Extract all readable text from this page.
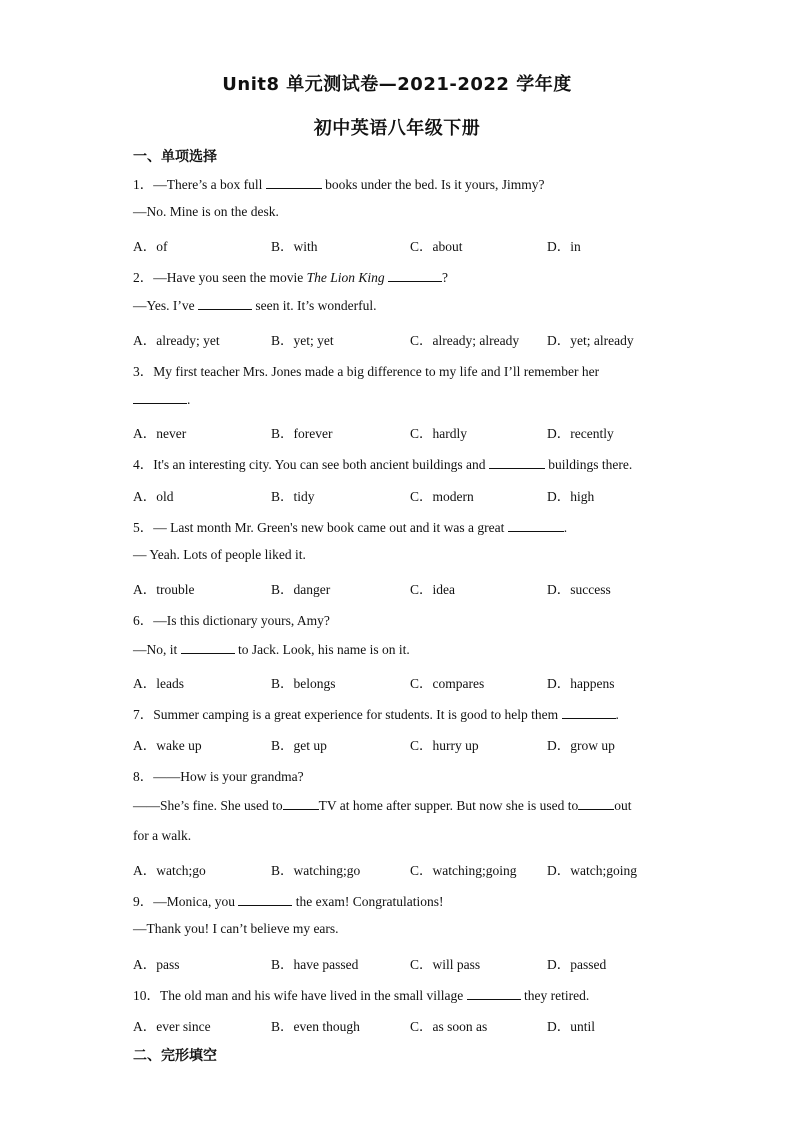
Unit8 单元测试卷—2021-2022 学年度
初中英语八年级下册
一、单项选择
1．—There’s a box full	books under the bed. Is it yours, Jimmy?
—No. Mine is on the desk.
A．of	B．with	C．about	D．in
2．—Have you seen the movie The Lion King	?
—Yes. I’ve	seen it. It’s wonderful.
A．already; yet	B．yet; yet	C．already; already D．yet; already
3．My first teacher Mrs. Jones made a big difference to my life and I’ll remember her
.
A．never	B．forever	C．hardly	D．recently
4．It's an interesting city. You can see both ancient buildings and	buildings there.
A．old	B．tidy	C．modern	D．high
5．— Last month Mr. Green's new book came out and it was a great	.
— Yeah. Lots of people liked it.
A．trouble	B．danger	C．idea	D．success
6．—Is this dictionary yours, Amy?
—No, it	to Jack. Look, his name is on it.
A．leads	B．belongs	C．compares	D．happens
7．Summer camping is a great experience for students. It is good to help them	.
A．wake up	B．get up	C．hurry up	D．grow up
8．——How is your grandma?
——She’s fine. She used to	TV at home after supper. But now she is used to	out
for a walk.
A．watch;go	B．watching;go	C．watching;going D．watch;going
9．—Monica, you	the exam! Congratulations!
—Thank you! I can’t believe my ears.
A．pass	B．have passed	C．will pass	D．passed
10．The old man and his wife have lived in the small village	they retired.
A．ever since	B．even though	C．as soon as	D．until
二、完形填空
